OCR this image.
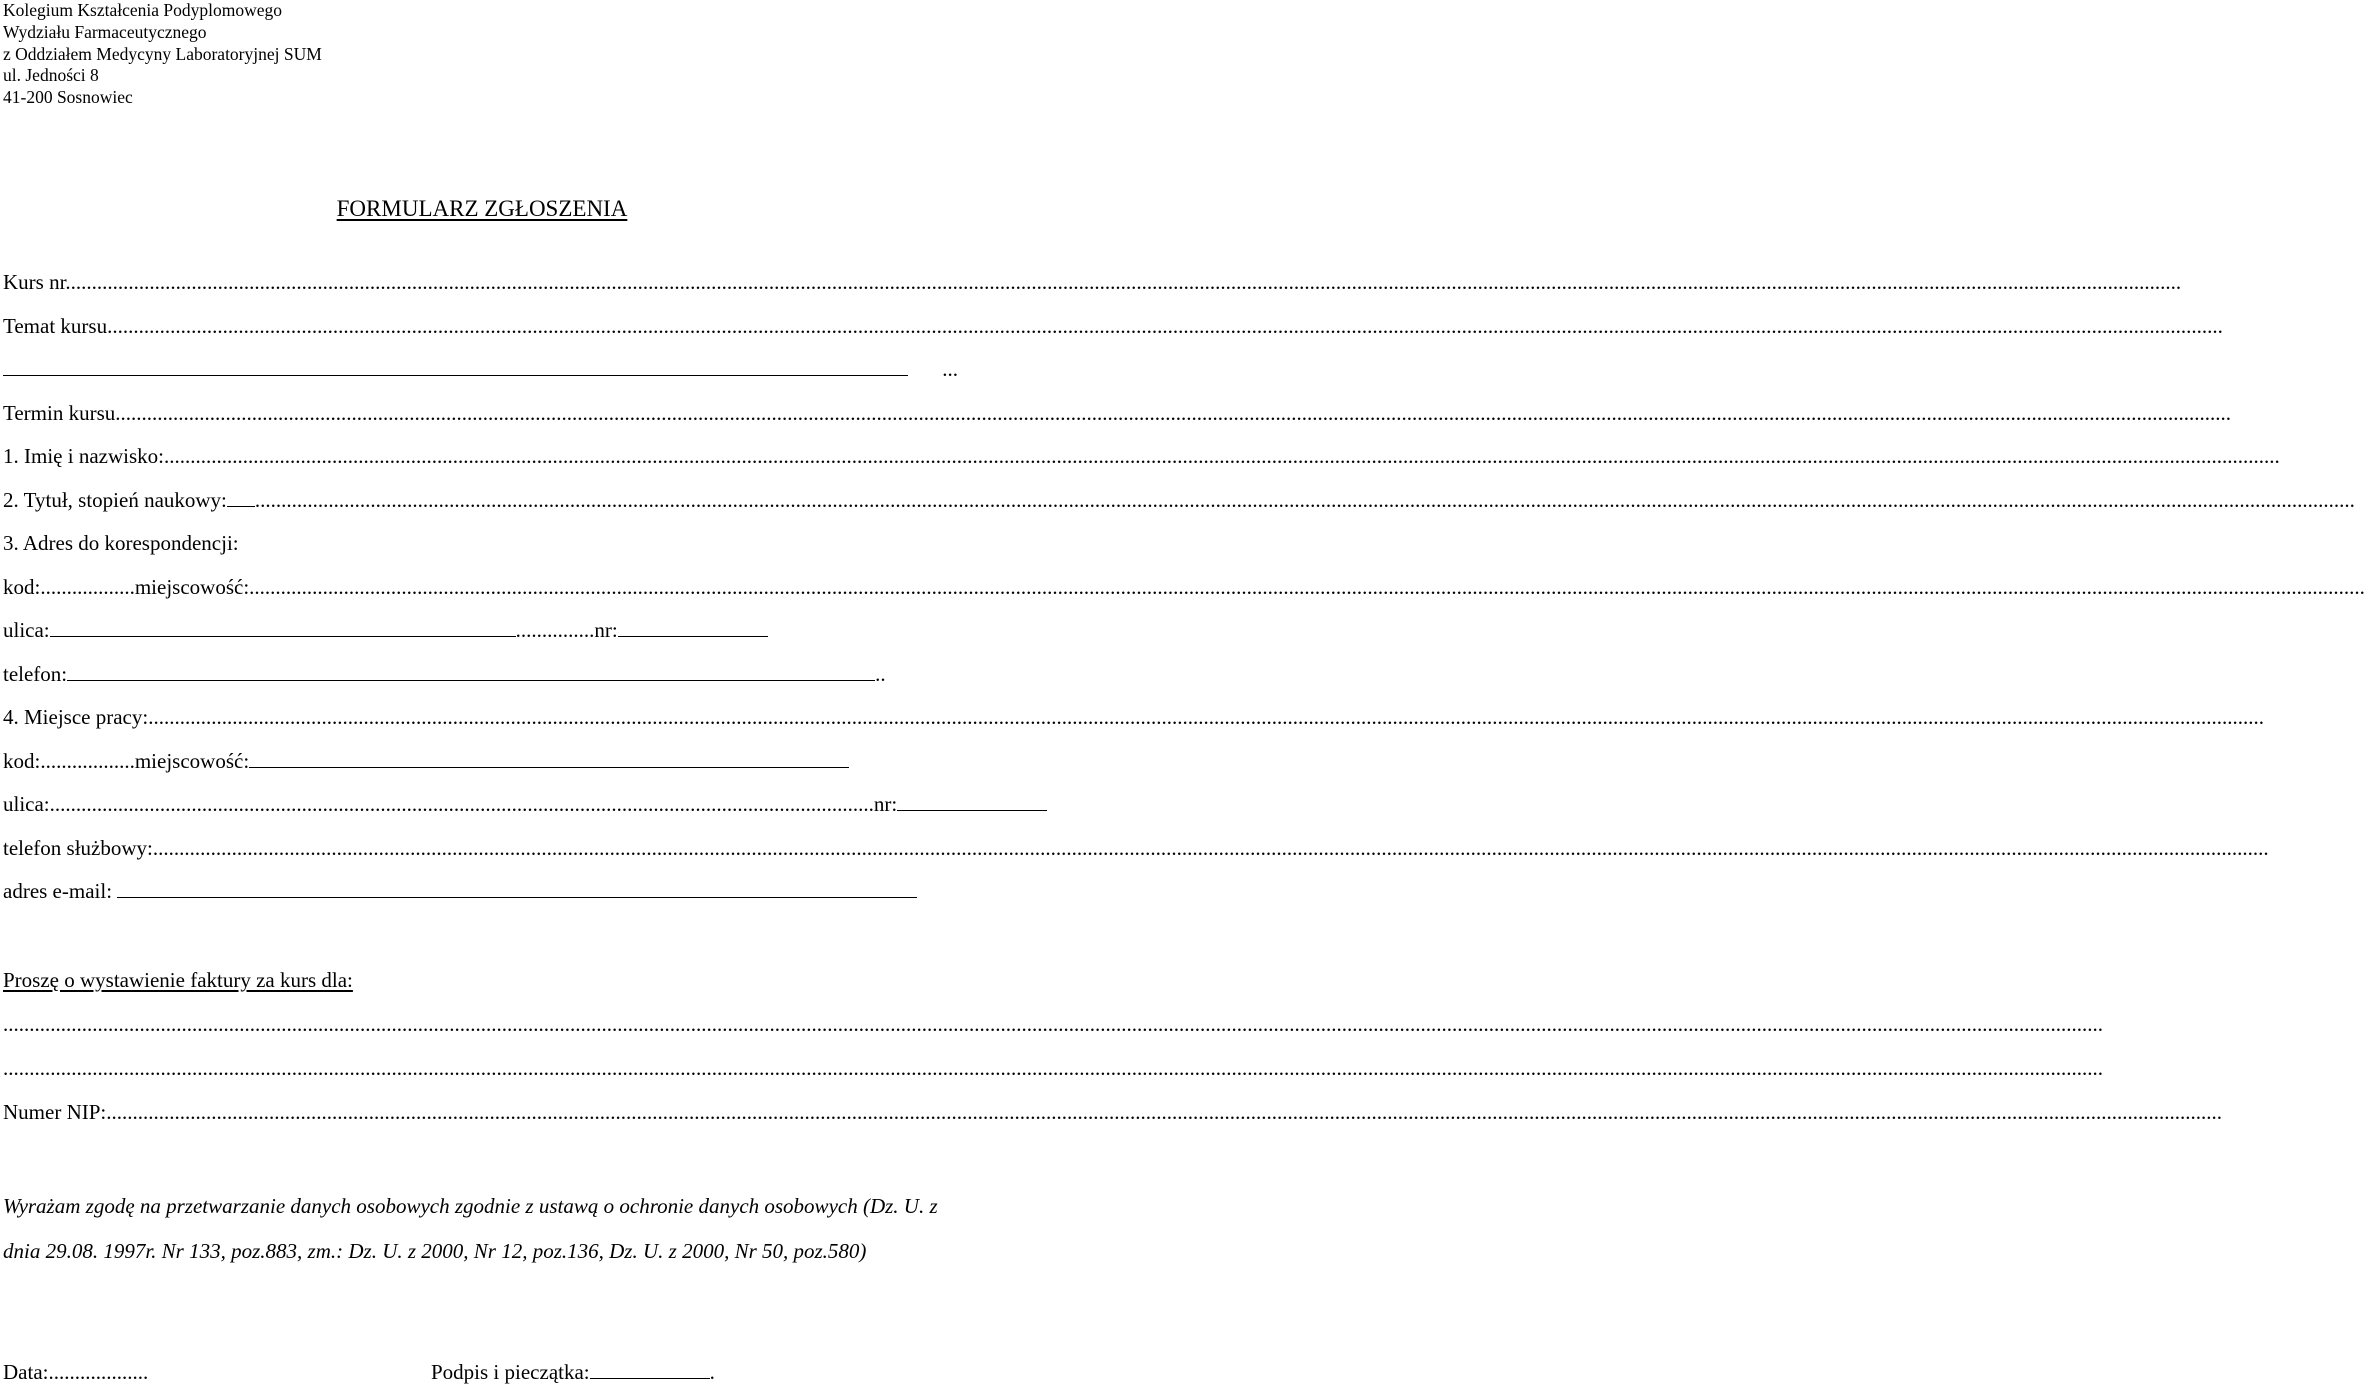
Kolegium Kształcenia Podyplomowego
Wydziału Farmaceutycznego
z Oddziałem Medycyny Laboratoryjnej SUM
ul. Jedności 8
41-200 Sosnowiec
FORMULARZ ZGŁOSZENIA
Kurs nr... ................................................................................................................................................................................................................................................................................................................................................................................................................
Temat kursu... ................................................................................................................................................................................................................................................................................................................................................................................................................
...
Termin kursu... ................................................................................................................................................................................................................................................................................................................................................................................................................
1. Imię i nazwisko:... ................................................................................................................................................................................................................................................................................................................................................................................................................
2. Tytuł, stopień naukowy: ................................................................................................................................................................................................................................................................................................................................................................................................................
3. Adres do korespondencji:
kod:... ............... miejscowość:... ................................................................................................................................................................................................................................................................................................................................................................................................................
ulica:	............... nr:
telefon:	..
4. Miejsce pracy:... ................................................................................................................................................................................................................................................................................................................................................................................................................
kod:... ............... miejscowość:
ulica:... .......................................................................................................................................................... nr:
telefon służbowy:... ................................................................................................................................................................................................................................................................................................................................................................................................................
adres e-mail:

Proszę o wystawienie faktury za kurs dla:
................................................................................................................................................................................................................................................................................................................................................................................................................
................................................................................................................................................................................................................................................................................................................................................................................................................
Numer NIP:... ................................................................................................................................................................................................................................................................................................................................................................................................................
Wyrażam zgodę na przetwarzanie danych osobowych zgodnie z ustawą o ochronie danych osobowych (Dz. U. z dnia 29.08. 1997r. Nr 133, poz.883, zm.: Dz. U. z 2000, Nr 12, poz.136, Dz. U. z 2000, Nr 50, poz.580)
Data:...................	Podpis i pieczątka:	.
